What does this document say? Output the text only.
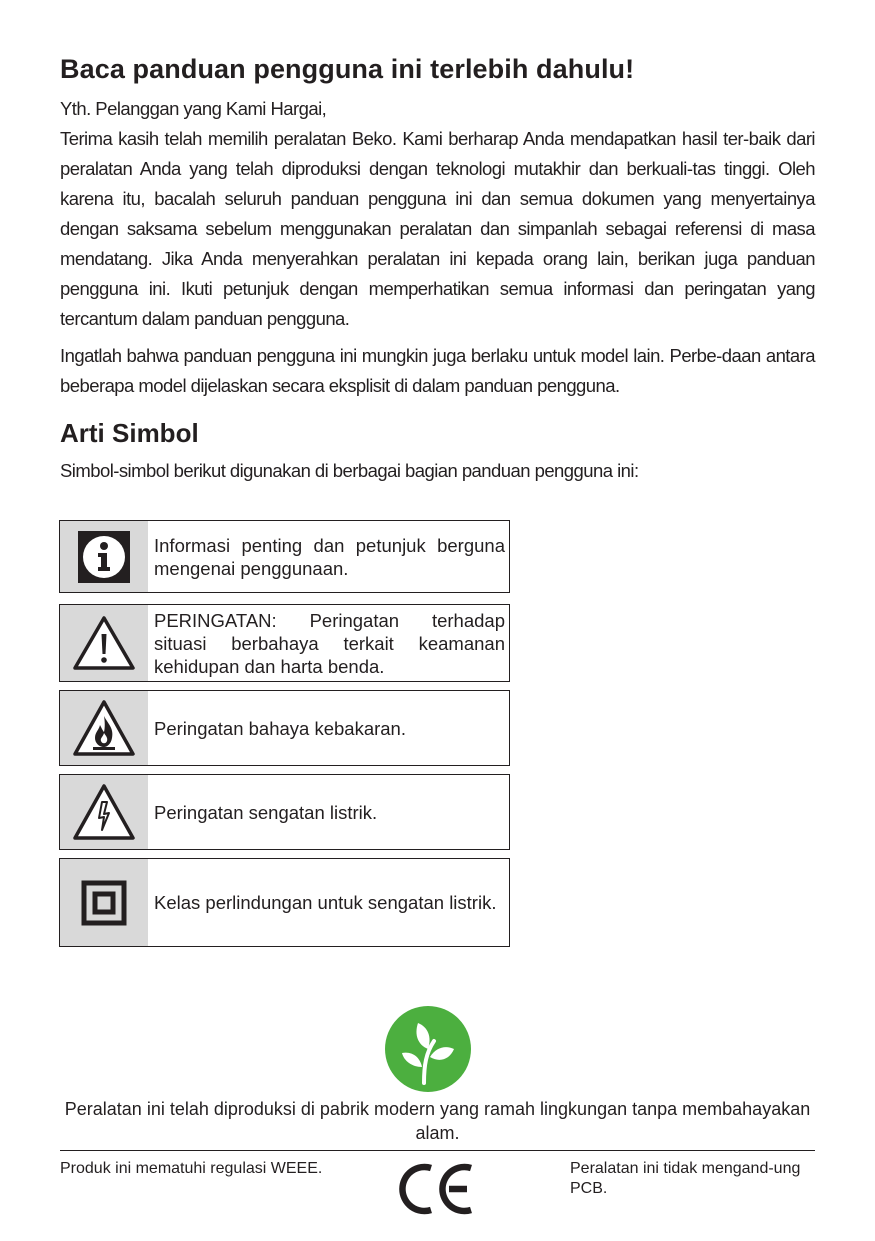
Baca panduan pengguna ini terlebih dahulu!
Yth. Pelanggan yang Kami Hargai,
Terima kasih telah memilih peralatan Beko. Kami berharap Anda mendapatkan hasil ter-baik dari peralatan Anda yang telah diproduksi dengan teknologi mutakhir dan berkuali-tas tinggi. Oleh karena itu, bacalah seluruh panduan pengguna ini dan semua dokumen yang menyertainya dengan saksama sebelum menggunakan peralatan dan simpanlah sebagai referensi di masa mendatang. Jika Anda menyerahkan peralatan ini kepada orang lain, berikan juga panduan pengguna ini. Ikuti petunjuk dengan memperhatikan semua informasi dan peringatan yang tercantum dalam panduan pengguna.
Ingatlah bahwa panduan pengguna ini mungkin juga berlaku untuk model lain. Perbe-daan antara beberapa model dijelaskan secara eksplisit di dalam panduan pengguna.
Arti Simbol
Simbol-simbol berikut digunakan di berbagai bagian panduan pengguna ini:
Informasi penting dan petunjuk berguna mengenai penggunaan.
PERINGATAN: Peringatan terhadap situasi berbahaya terkait keamanan kehidupan dan harta benda.
Peringatan bahaya kebakaran.
Peringatan sengatan listrik.
Kelas perlindungan untuk sengatan listrik.
Peralatan ini telah diproduksi di pabrik modern yang ramah lingkungan tanpa membahayakan alam.
Produk ini mematuhi regulasi WEEE.	Peralatan ini tidak mengand-ung PCB.
